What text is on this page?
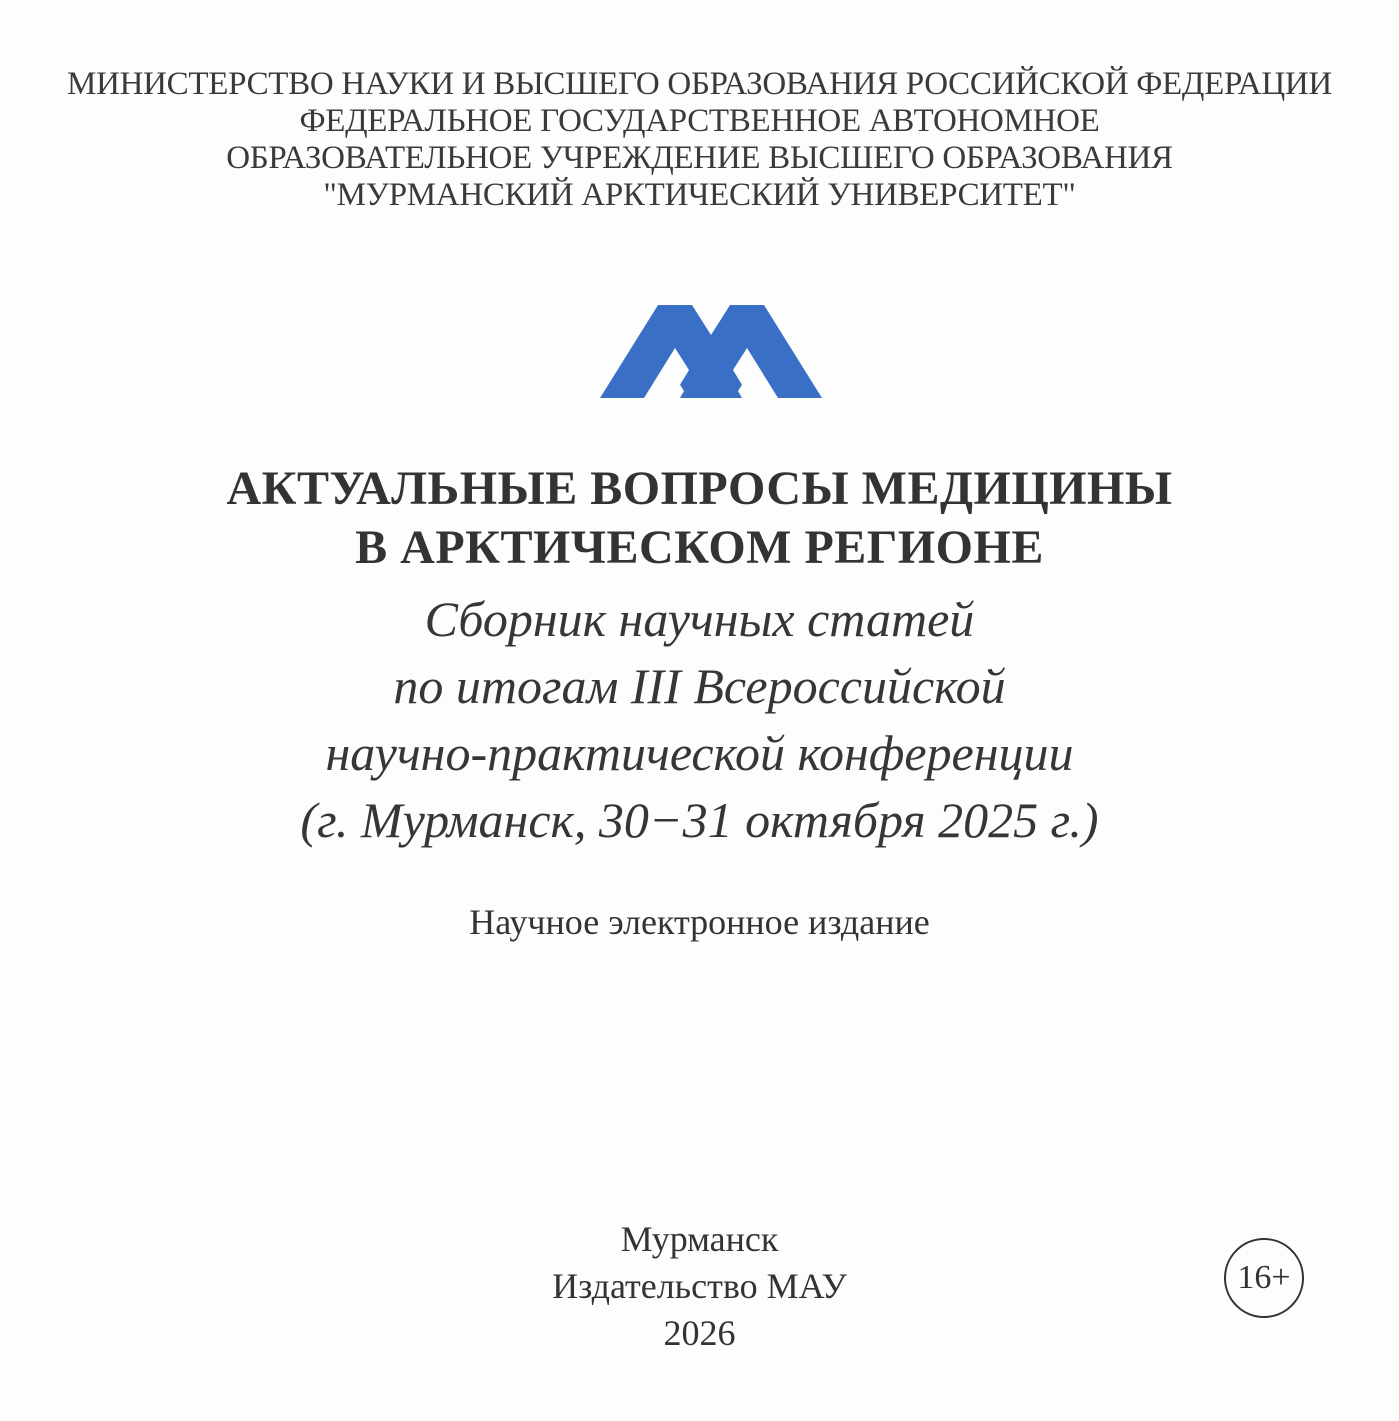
МИНИСТЕРСТВО НАУКИ И ВЫСШЕГО ОБРАЗОВАНИЯ РОССИЙСКОЙ ФЕДЕРАЦИИ
ФЕДЕРАЛЬНОЕ ГОСУДАРСТВЕННОЕ АВТОНОМНОЕ
ОБРАЗОВАТЕЛЬНОЕ УЧРЕЖДЕНИЕ ВЫСШЕГО ОБРАЗОВАНИЯ
"МУРМАНСКИЙ АРКТИЧЕСКИЙ УНИВЕРСИТЕТ"
АКТУАЛЬНЫЕ ВОПРОСЫ МЕДИЦИНЫ
В АРКТИЧЕСКОМ РЕГИОНЕ
Сборник научных статей
по итогам III Всероссийской
научно-практической конференции
(г. Мурманск, 30−31 октября 2025 г.)
Научное электронное издание
Мурманск
Издательство МАУ
2026
16+
